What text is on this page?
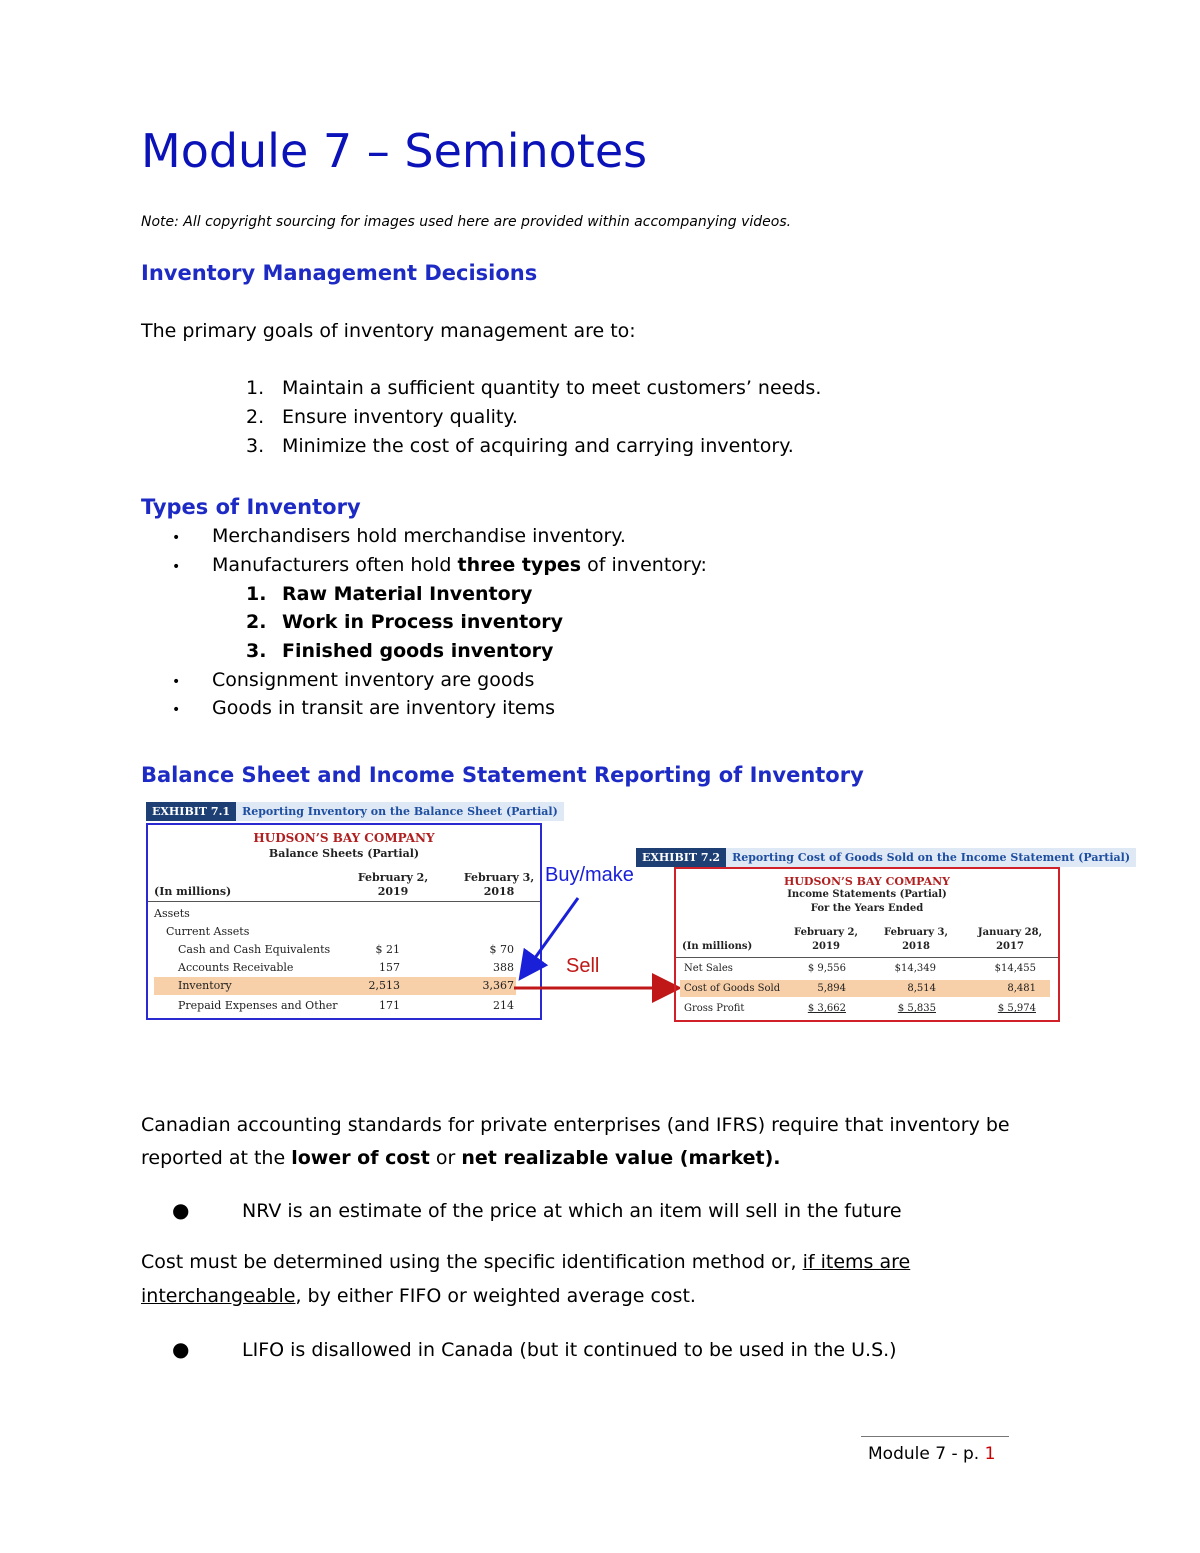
Module 7 – Seminotes
Note: All copyright sourcing for images used here are provided within accompanying videos.
Inventory Management Decisions
The primary goals of inventory management are to:
1. Maintain a sufficient quantity to meet customers’ needs.
2. Ensure inventory quality.
3. Minimize the cost of acquiring and carrying inventory.
Types of Inventory
• Merchandisers hold merchandise inventory.
• Manufacturers often hold three types of inventory:
1. Raw Material Inventory
2. Work in Process inventory
3. Finished goods inventory
• Consignment inventory are goods
• Goods in transit are inventory items
Balance Sheet and Income Statement Reporting of Inventory
EXHIBIT 7.1 Reporting Inventory on the Balance Sheet (Partial)
HUDSON’S BAY COMPANY
Balance Sheets (Partial)
February 2,
2019
February 3,
2018
(In millions)
Assets
Current Assets
Cash and Cash Equivalents	$ 21	$ 70
Accounts Receivable	157	388
Inventory	2,513	3,367
Prepaid Expenses and Other	171	214
Buy/make
Sell
EXHIBIT 7.2 Reporting Cost of Goods Sold on the Income Statement (Partial)
HUDSON’S BAY COMPANY
Income Statements (Partial)
For the Years Ended
(In millions)
February 2,
2019
February 3,
2018
January 28,
2017
Net Sales	$ 9,556	$14,349	$14,455
Cost of Goods Sold	5,894	8,514	8,481
Gross Profit	$ 3,662	$ 5,835	$ 5,974
Canadian accounting standards for private enterprises (and IFRS) require that inventory be
reported at the lower of cost or net realizable value (market).
●	NRV is an estimate of the price at which an item will sell in the future
Cost must be determined using the specific identification method or, if items are
interchangeable, by either FIFO or weighted average cost.
●	LIFO is disallowed in Canada (but it continued to be used in the U.S.)
Module 7 - p. 1
